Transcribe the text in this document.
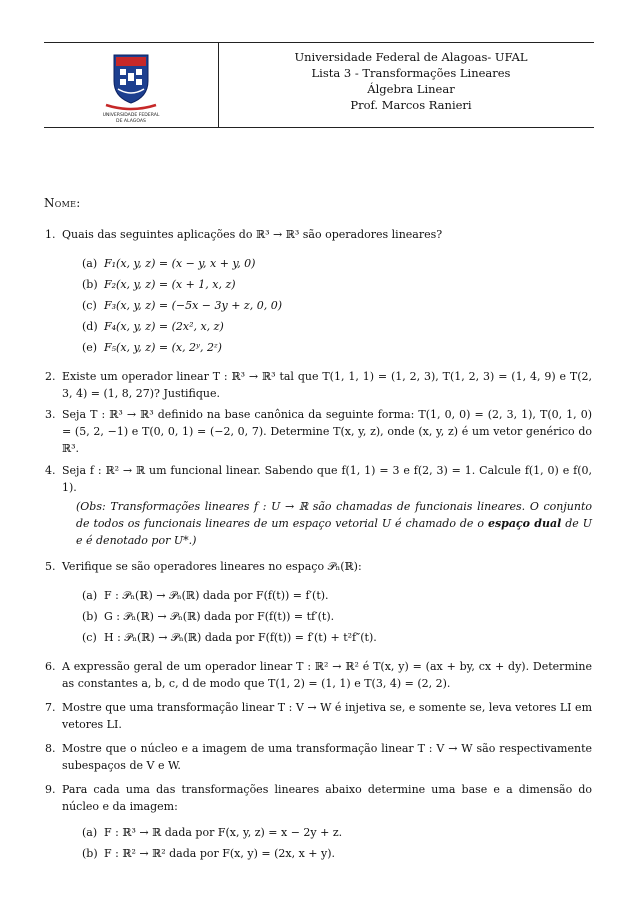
UNIVERSIDADE FEDERAL
DE ALAGOAS
Universidade Federal de Alagoas- UFAL
Lista 3 - Transformações Lineares
Álgebra Linear
Prof. Marcos Ranieri
Nome:
1. Quais das seguintes aplicações do ℝ³ → ℝ³ são operadores lineares?
(a) F₁(x, y, z) = (x − y, x + y, 0)
(b) F₂(x, y, z) = (x + 1, x, z)
(c) F₃(x, y, z) = (−5x − 3y + z, 0, 0)
(d) F₄(x, y, z) = (2x², x, z)
(e) F₅(x, y, z) = (x, 2ʸ, 2ᶻ)
2. Existe um operador linear T : ℝ³ → ℝ³ tal que T(1, 1, 1) = (1, 2, 3), T(1, 2, 3) = (1, 4, 9) e T(2, 3, 4) = (1, 8, 27)? Justifique.
3. Seja T : ℝ³ → ℝ³ definido na base canônica da seguinte forma: T(1, 0, 0) = (2, 3, 1), T(0, 1, 0) = (5, 2, −1) e T(0, 0, 1) = (−2, 0, 7). Determine T(x, y, z), onde (x, y, z) é um vetor genérico do ℝ³.
4. Seja f : ℝ² → ℝ um funcional linear. Sabendo que f(1, 1) = 3 e f(2, 3) = 1. Calcule f(1, 0) e f(0, 1).
(Obs: Transformações lineares f : U → ℝ são chamadas de funcionais lineares. O conjunto de todos os funcionais lineares de um espaço vetorial U é chamado de o espaço dual de U e é denotado por U*.)
5. Verifique se são operadores lineares no espaço 𝒫ₙ(ℝ):
(a) F : 𝒫ₙ(ℝ) → 𝒫ₙ(ℝ) dada por F(f(t)) = f′(t).
(b) G : 𝒫ₙ(ℝ) → 𝒫ₙ(ℝ) dada por F(f(t)) = tf′(t).
(c) H : 𝒫ₙ(ℝ) → 𝒫ₙ(ℝ) dada por F(f(t)) = f′(t) + t²f″(t).
6. A expressão geral de um operador linear T : ℝ² → ℝ² é T(x, y) = (ax + by, cx + dy). Determine as constantes a, b, c, d de modo que T(1, 2) = (1, 1) e T(3, 4) = (2, 2).
7. Mostre que uma transformação linear T : V → W é injetiva se, e somente se, leva vetores LI em vetores LI.
8. Mostre que o núcleo e a imagem de uma transformação linear T : V → W são respectivamente subespaços de V e W.
9. Para cada uma das transformações lineares abaixo determine uma base e a dimensão do núcleo e da imagem:
(a) F : ℝ³ → ℝ dada por F(x, y, z) = x − 2y + z.
(b) F : ℝ² → ℝ² dada por F(x, y) = (2x, x + y).
